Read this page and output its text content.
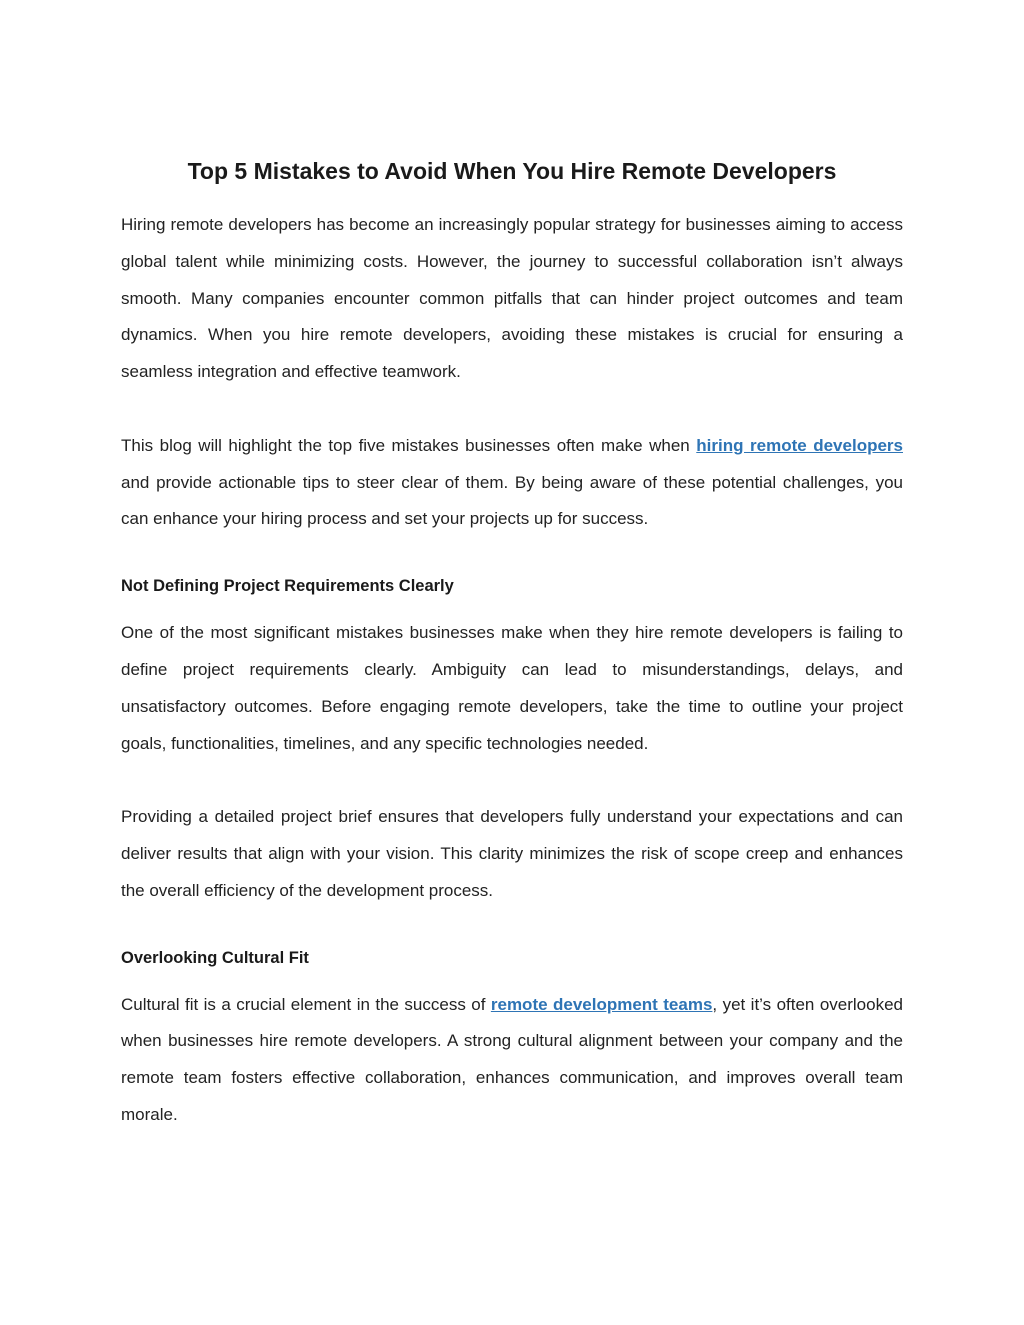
Top 5 Mistakes to Avoid When You Hire Remote Developers

Hiring remote developers has become an increasingly popular strategy for businesses aiming to access global talent while minimizing costs. However, the journey to successful collaboration isn’t always smooth. Many companies encounter common pitfalls that can hinder project outcomes and team dynamics. When you hire remote developers, avoiding these mistakes is crucial for ensuring a seamless integration and effective teamwork.

This blog will highlight the top five mistakes businesses often make when hiring remote developers and provide actionable tips to steer clear of them. By being aware of these potential challenges, you can enhance your hiring process and set your projects up for success.

Not Defining Project Requirements Clearly

One of the most significant mistakes businesses make when they hire remote developers is failing to define project requirements clearly. Ambiguity can lead to misunderstandings, delays, and unsatisfactory outcomes. Before engaging remote developers, take the time to outline your project goals, functionalities, timelines, and any specific technologies needed.

Providing a detailed project brief ensures that developers fully understand your expectations and can deliver results that align with your vision. This clarity minimizes the risk of scope creep and enhances the overall efficiency of the development process.

Overlooking Cultural Fit

Cultural fit is a crucial element in the success of remote development teams, yet it’s often overlooked when businesses hire remote developers. A strong cultural alignment between your company and the remote team fosters effective collaboration, enhances communication, and improves overall team morale.
